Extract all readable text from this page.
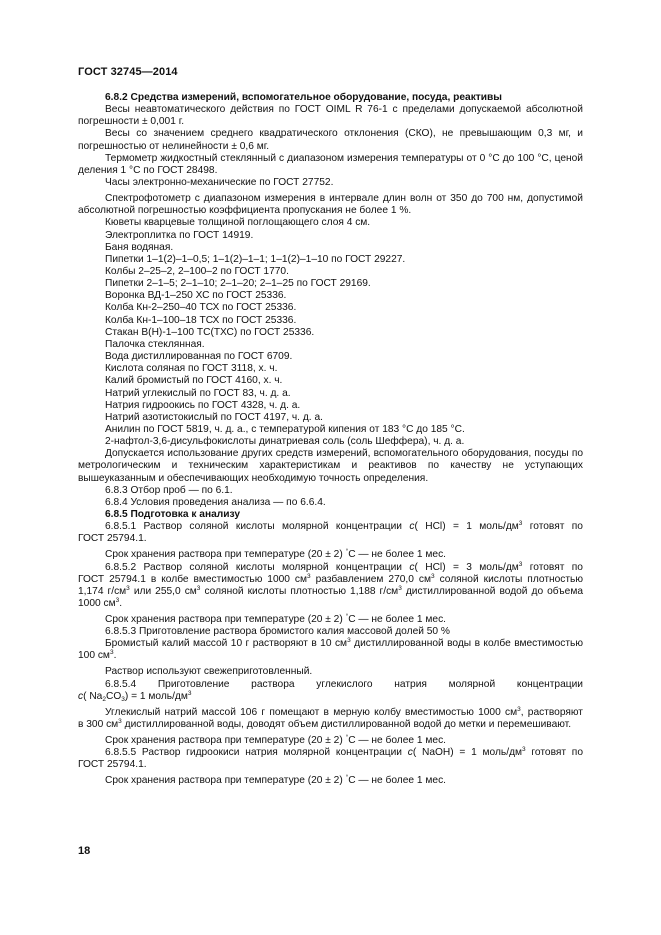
ГОСТ 32745—2014

6.8.2 Средства измерений, вспомогательное оборудование, посуда, реактивы

Весы неавтоматического действия по ГОСТ OIML R 76-1 с пределами допускаемой абсолютной погрешности ± 0,001 г.

Весы со значением среднего квадратического отклонения (СКО), не превышающим 0,3 мг, и погрешностью от нелинейности ± 0,6 мг.

Термометр жидкостный стеклянный с диапазоном измерения температуры от 0 °С до 100 °С, ценой деления 1 °С по ГОСТ 28498.

Часы электронно-механические по ГОСТ 27752.

Спектрофотометр с диапазоном измерения в интервале длин волн от 350 до 700 нм, допустимой абсолютной погрешностью коэффициента пропускания не более 1 %.

Кюветы кварцевые толщиной поглощающего слоя 4 см.

Электроплитка по ГОСТ 14919.

Баня водяная.

Пипетки 1–1(2)–1–0,5; 1–1(2)–1–1; 1–1(2)–1–10 по ГОСТ 29227.

Колбы 2–25–2, 2–100–2 по ГОСТ 1770.

Пипетки 2–1–5; 2–1–10; 2–1–20; 2–1–25 по ГОСТ 29169.

Воронка ВД-1–250 ХС по ГОСТ 25336.

Колба Кн-2–250–40 ТСХ по ГОСТ 25336.

Колба Кн-1–100–18 ТСХ по ГОСТ 25336.

Стакан В(Н)-1–100 ТС(ТХС) по ГОСТ 25336.

Палочка стеклянная.

Вода дистиллированная по ГОСТ 6709.

Кислота соляная по ГОСТ 3118, х. ч.

Калий бромистый по ГОСТ 4160, х. ч.

Натрий углекислый по ГОСТ 83, ч. д. а.

Натрия гидроокись по ГОСТ 4328, ч. д. а.

Натрий азотистокислый по ГОСТ 4197, ч. д. а.

Анилин по ГОСТ 5819, ч. д. а., с температурой кипения от 183 °С до 185 °С.

2-нафтол-3,6-дисульфокислоты динатриевая соль (соль Шеффера), ч. д. а.

Допускается использование других средств измерений, вспомогательного оборудования, посуды по метрологическим и техническим характеристикам и реактивов по качеству не уступающих вышеуказанным и обеспечивающих необходимую точность определения.

6.8.3 Отбор проб — по 6.1.

6.8.4 Условия проведения анализа — по 6.6.4.

6.8.5 Подготовка к анализу

6.8.5.1 Раствор соляной кислоты молярной концентрации с( HCl) = 1 моль/$дм^3$ готовят по

ГОСТ 25794.1.

Срок хранения раствора при температуре (20 ± 2) °С — не более 1 мес.

6.8.5.2 Раствор соляной кислоты молярной концентрации с( HCl) = 3 моль/$дм^3$ готовят по

ГОСТ 25794.1 в колбе вместимостью 1000 $см^3$ разбавлением 270,0 $см^3$ соляной кислоты плотностью

1,174 $г/см^3$ или 255,0 $см^3$ соляной кислоты плотностью 1,188 $г/см^3$ дистиллированной водой до объема

1000 $см^3$.

Срок хранения раствора при температуре (20 ± 2) °С — не более 1 мес.

6.8.5.3 Приготовление раствора бромистого калия массовой долей 50 %

Бромистый калий массой 10 г растворяют в 10 $см^3$ дистиллированной воды в колбе вместимостью 100 $см^3$.

Раствор используют свежеприготовленный.

6.8.5.4 Приготовление раствора углекислого натрия молярной концентрации

с( $Na_2CO_3) = 1$ моль/$дм^3$

Углекислый натрий массой 106 г помещают в мерную колбу вместимостью 1000 $см^3$, растворяют

в 300 $см^3$ дистиллированной воды, доводят объем дистиллированной водой до метки и перемешивают.

Срок хранения раствора при температуре (20 ± 2) °С — не более 1 мес.

6.8.5.5 Раствор гидроокиси натрия молярной концентрации с( NaOH) = 1 моль/$дм^3$ готовят по

ГОСТ 25794.1.

Срок хранения раствора при температуре (20 ± 2) °С — не более 1 мес.

18
